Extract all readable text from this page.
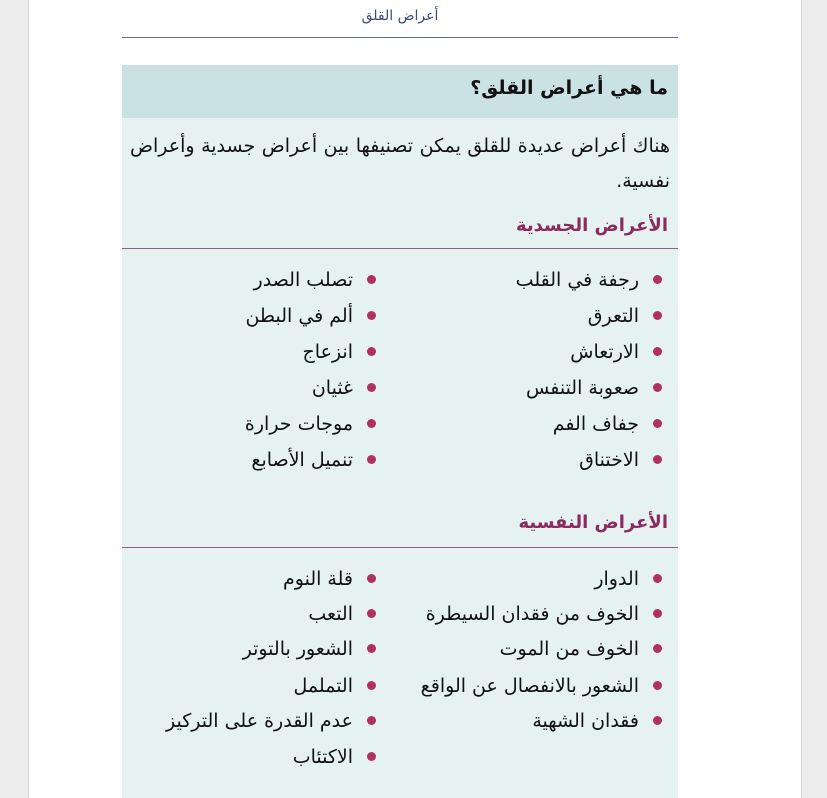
أعراض القلق
ما هي أعراض القلق؟
هناك أعراض عديدة للقلق يمكن تصنيفها بين أعراض جسدية وأعراض نفسية.
الأعراض الجسدية
رجفة في القلب
التعرق
الارتعاش
صعوبة التنفس
جفاف الفم
الاختناق
تصلب الصدر
ألم في البطن
انزعاج
غثيان
موجات حرارة
تنميل الأصابع
الأعراض النفسية
الدوار
الخوف من فقدان السيطرة
الخوف من الموت
الشعور بالانفصال عن الواقع
فقدان الشهية
قلة النوم
التعب
الشعور بالتوتر
التململ
عدم القدرة على التركيز
الاكتئاب
